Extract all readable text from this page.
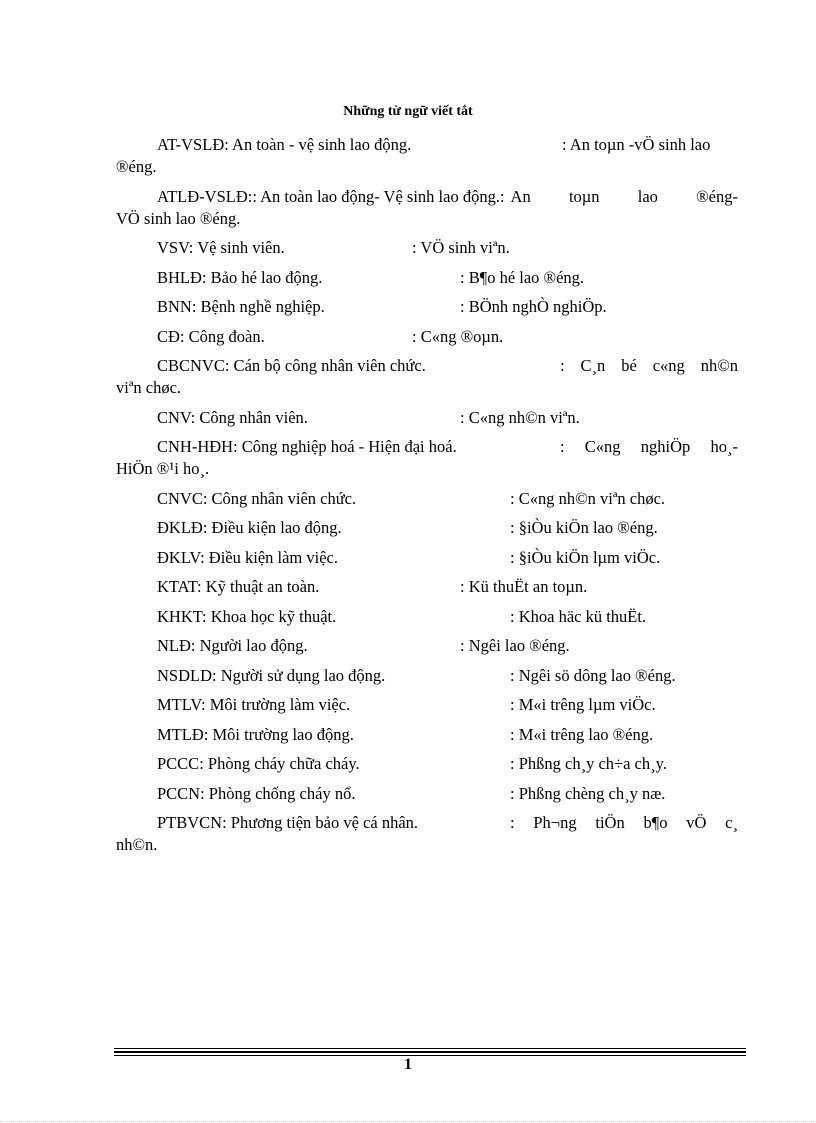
Những từ ngữ viết tắt
AT-VSLĐ: An toàn - vệ sinh lao động.	: An toµn -vÖ sinh lao
®éng.
ATLĐ-VSLĐ:: An toàn lao động- Vệ sinh lao động.: An toµn lao ®éng-
VÖ sinh lao ®éng.
VSV: Vệ sinh viên.	: VÖ sinh viªn.
BHLĐ: Bảo hé lao động.	: B¶o hé lao ®éng.
BNN: Bệnh nghề nghiệp.	: BÖnh nghÒ nghiÖp.
CĐ: Công đoàn.	: C«ng ®oµn.
CBCNVC: Cán bộ công nhân viên chức.	: C¸n bé c«ng nh©n
viªn chøc.
CNV: Công nhân viên.	: C«ng nh©n viªn.
CNH-HĐH: Công nghiệp hoá - Hiện đại hoá.	: C«ng nghiÖp ho¸-
HiÖn ®¹i ho¸.
CNVC: Công nhân viên chức.	: C«ng nh©n viªn chøc.
ĐKLĐ: Điều kiện lao động.	: §iÒu kiÖn lao ®éng.
ĐKLV: Điều kiện làm việc.	: §iÒu kiÖn lµm viÖc.
KTAT: Kỹ thuật an toàn.	: Kü thuËt an toµn.
KHKT: Khoa học kỹ thuật.	: Khoa häc kü thuËt.
NLĐ: Người lao động.	: Ngêi lao ®éng.
NSDLD: Người sử dụng lao động.	: Ngêi sö dông lao ®éng.
MTLV: Môi trường làm việc.	: M«i trêng lµm viÖc.
MTLĐ: Môi trường lao động.	: M«i trêng lao ®éng.
PCCC: Phòng cháy chữa cháy.	: Phßng ch¸y ch÷a ch¸y.
PCCN: Phòng chống cháy nổ.	: Phßng chèng ch¸y næ.
PTBVCN: Phương tiện bảo vệ cá nhân.	: Ph¬ng tiÖn b¶o vÖ c¸
nh©n.
1
